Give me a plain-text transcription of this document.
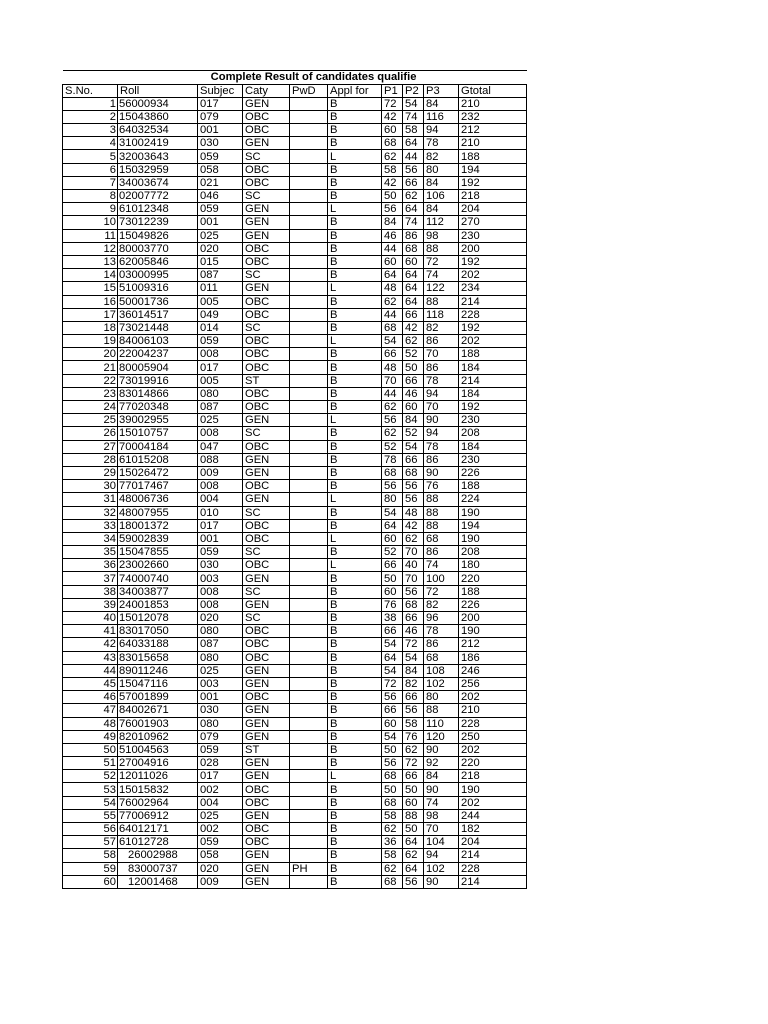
Complete Result of candidates qualifie									
S.No.	Roll	Subjec	Caty	PwD	Appl for	P1	P2	P3	Gtotal
1	56000934	017	GEN		B	72	54	84	210
2	15043860	079	OBC		B	42	74	116	232
3	64032534	001	OBC		B	60	58	94	212
4	31002419	030	GEN		B	68	64	78	210
5	32003643	059	SC		L	62	44	82	188
6	15032959	058	OBC		B	58	56	80	194
7	34003674	021	OBC		B	42	66	84	192
8	02007772	046	SC		B	50	62	106	218
9	61012348	059	GEN		L	56	64	84	204
10	73012239	001	GEN		B	84	74	112	270
11	15049826	025	GEN		B	46	86	98	230
12	80003770	020	OBC		B	44	68	88	200
13	62005846	015	OBC		B	60	60	72	192
14	03000995	087	SC		B	64	64	74	202
15	51009316	011	GEN		L	48	64	122	234
16	50001736	005	OBC		B	62	64	88	214
17	36014517	049	OBC		B	44	66	118	228
18	73021448	014	SC		B	68	42	82	192
19	84006103	059	OBC		L	54	62	86	202
20	22004237	008	OBC		B	66	52	70	188
21	80005904	017	OBC		B	48	50	86	184
22	73019916	005	ST		B	70	66	78	214
23	83014866	080	OBC		B	44	46	94	184
24	77020348	087	OBC		B	62	60	70	192
25	39002955	025	GEN		L	56	84	90	230
26	15010757	008	SC		B	62	52	94	208
27	70004184	047	OBC		B	52	54	78	184
28	61015208	088	GEN		B	78	66	86	230
29	15026472	009	GEN		B	68	68	90	226
30	77017467	008	OBC		B	56	56	76	188
31	48006736	004	GEN		L	80	56	88	224
32	48007955	010	SC		B	54	48	88	190
33	18001372	017	OBC		B	64	42	88	194
34	59002839	001	OBC		L	60	62	68	190
35	15047855	059	SC		B	52	70	86	208
36	23002660	030	OBC		L	66	40	74	180
37	74000740	003	GEN		B	50	70	100	220
38	34003877	008	SC		B	60	56	72	188
39	24001853	008	GEN		B	76	68	82	226
40	15012078	020	SC		B	38	66	96	200
41	83017050	080	OBC		B	66	46	78	190
42	64033188	087	OBC		B	54	72	86	212
43	83015658	080	OBC		B	64	54	68	186
44	89011246	025	GEN		B	54	84	108	246
45	15047116	003	GEN		B	72	82	102	256
46	57001899	001	OBC		B	56	66	80	202
47	84002671	030	GEN		B	66	56	88	210
48	76001903	080	GEN		B	60	58	110	228
49	82010962	079	GEN		B	54	76	120	250
50	51004563	059	ST		B	50	62	90	202
51	27004916	028	GEN		B	56	72	92	220
52	12011026	017	GEN		L	68	66	84	218
53	15015832	002	OBC		B	50	50	90	190
54	76002964	004	OBC		B	68	60	74	202
55	77006912	025	GEN		B	58	88	98	244
56	64012171	002	OBC		B	62	50	70	182
57	61012728	059	OBC		B	36	64	104	204
58	26002988	058	GEN		B	58	62	94	214
59	83000737	020	GEN	PH	B	62	64	102	228
60	12001468	009	GEN		B	68	56	90	214
